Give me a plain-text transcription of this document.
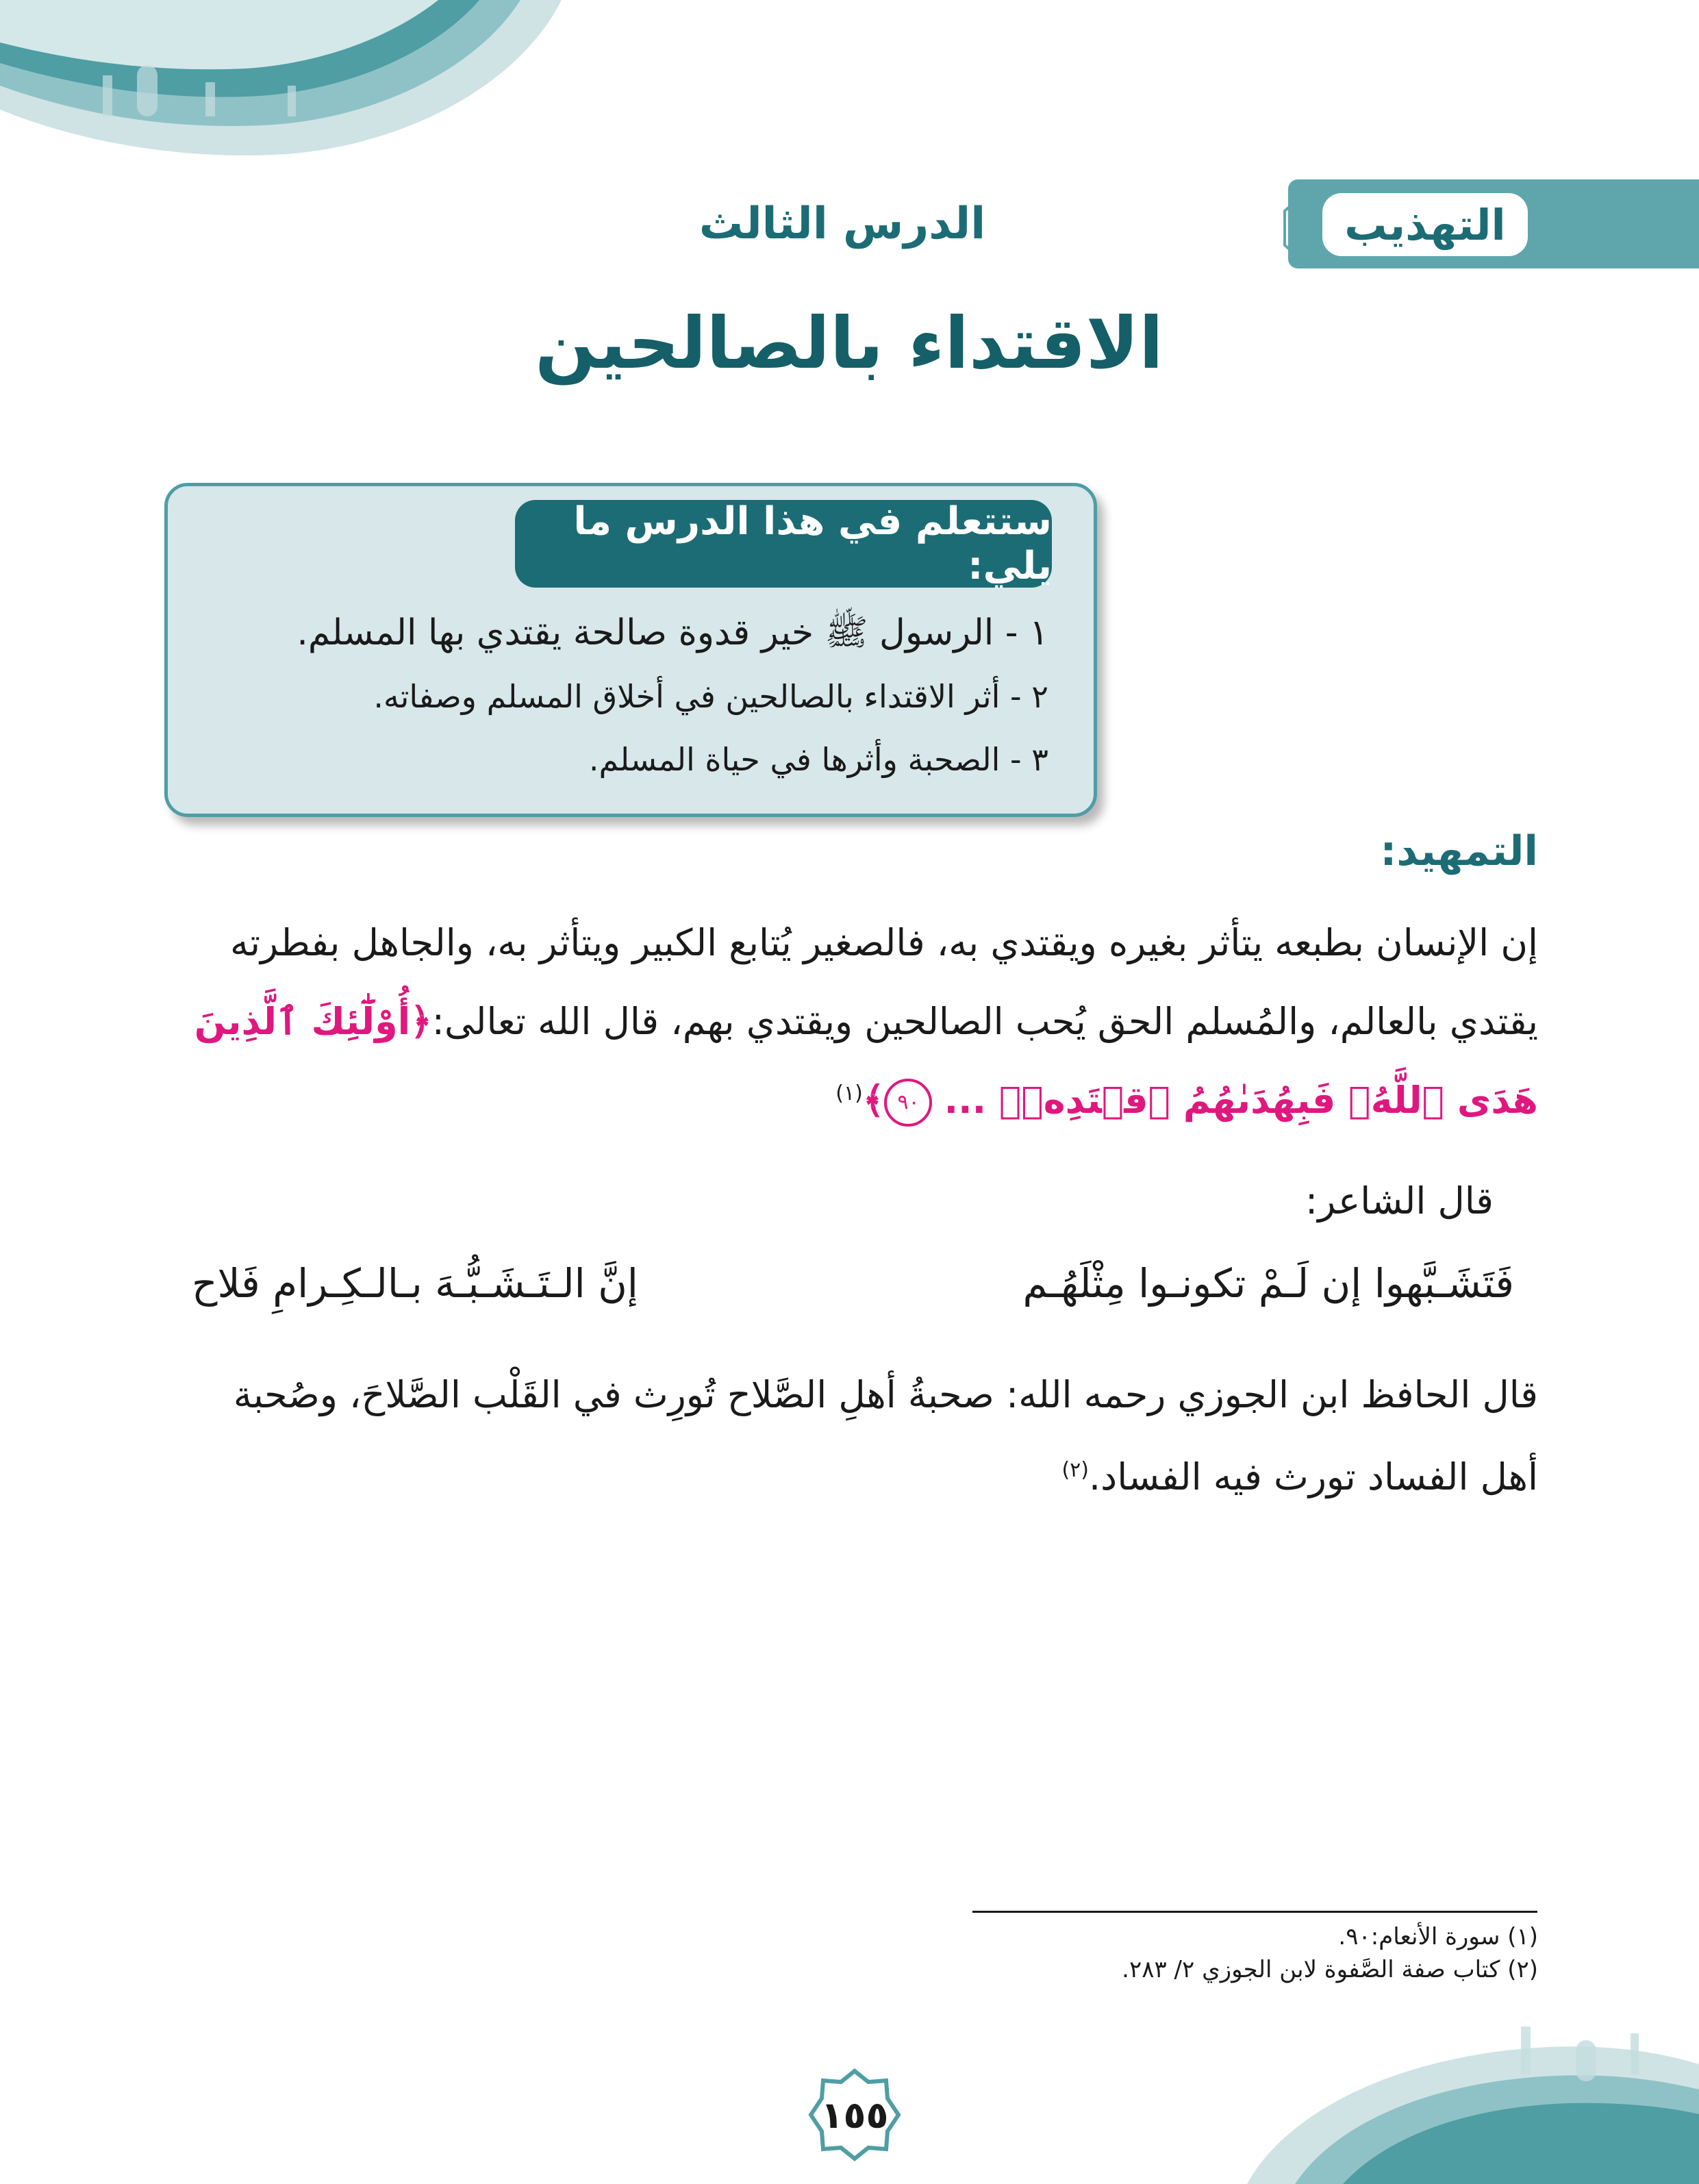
التهذيب
الدرس الثالث
الاقتداء بالصالحين
ستتعلم في هذا الدرس ما يلي:
١ - الرسول ﷺ خير قدوة صالحة يقتدي بها المسلم.
٢ - أثر الاقتداء بالصالحين في أخلاق المسلم وصفاته.
٣ - الصحبة وأثرها في حياة المسلم.
التمهيد:
إن الإنسان بطبعه يتأثر بغيره ويقتدي به، فالصغير يُتابع الكبير ويتأثر به، والجاهل بفطرته
يقتدي بالعالم، والمُسلم الحق يُحب الصالحين ويقتدي بهم، قال الله تعالى:﴿أُوْلَٰٓئِكَ ٱلَّذِينَ
هَدَى ٱللَّهُۖ فَبِهُدَىٰهُمُ ٱقۡتَدِهۡۗ ... ٩٠﴾$^{(١)}$
قال الشاعر:
فَتَشَـبَّهوا إن لَـمْ تكونـوا مِثْلَهُـم
إنَّ الـتَـشَـبُّـهَ بـالـكِـرامِ فَلاح
قال الحافظ ابن الجوزي رحمه الله: صحبةُ أهلِ الصَّلاح تُورِث في القَلْب الصَّلاحَ، وصُحبة
أهل الفساد تورث فيه الفساد.$^{(٢)}$
(١) سورة الأنعام:٩٠.
(٢) كتاب صفة الصَّفوة لابن الجوزي ٢/ ٢٨٣.
١٥٥
